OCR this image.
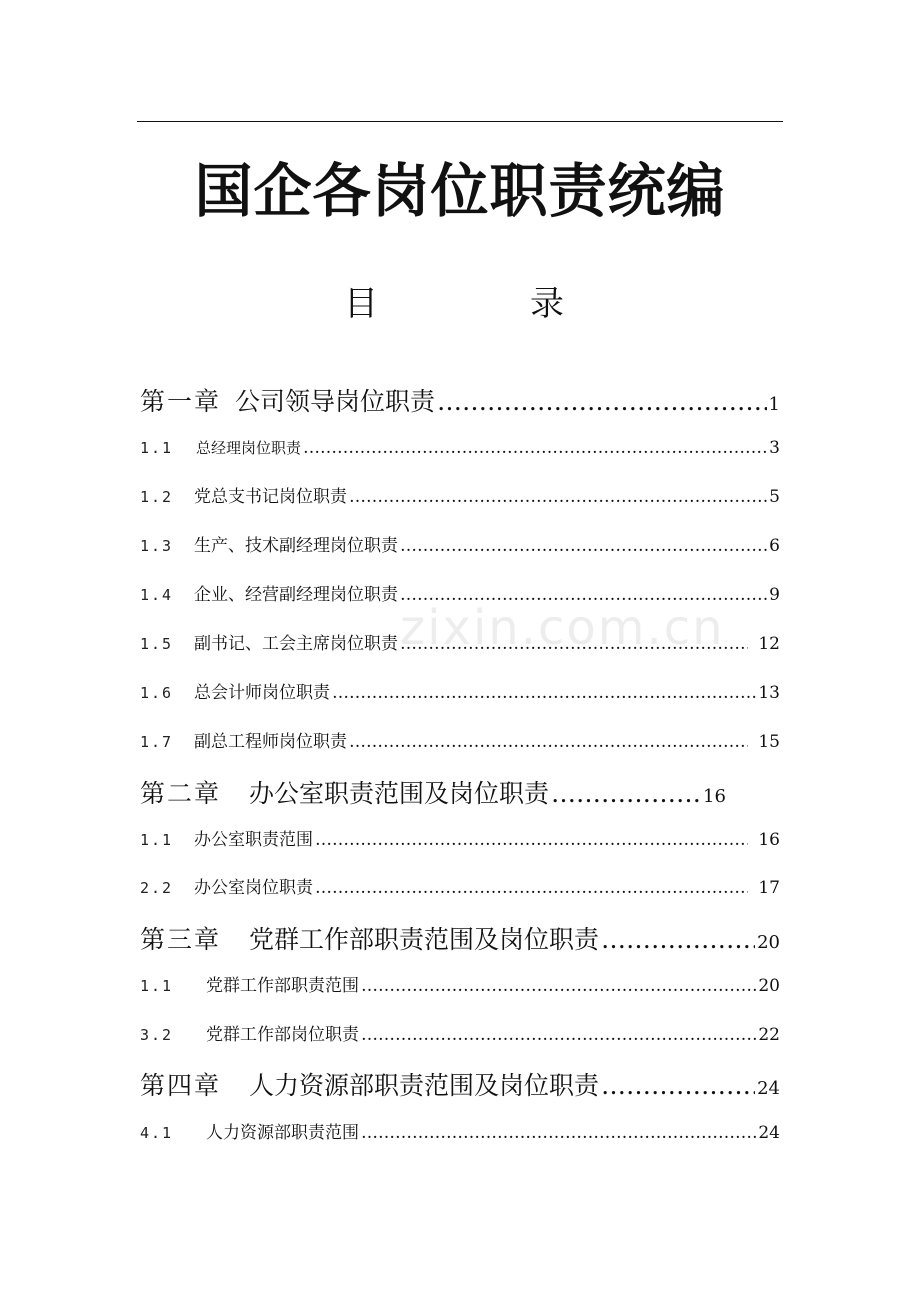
zixin.com.cn
国企各岗位职责统编
目	录
第一章 公司领导岗位职责 ……………………………………………………………………………………………………………………………………………………………	1
1.1	总经理岗位职责 ……………………………………………………………………………………………………………………………………………………………	3
1.2	党总支书记岗位职责 ……………………………………………………………………………………………………………………………………………………………	5
1.3	生产、技术副经理岗位职责 ……………………………………………………………………………………………………………………………………………………………	6
1.4	企业、经营副经理岗位职责 ……………………………………………………………………………………………………………………………………………………………	9
1.5	副书记、工会主席岗位职责 ……………………………………………………………………………………………………………………………………………………………	12
1.6	总会计师岗位职责 ……………………………………………………………………………………………………………………………………………………………	13
1.7	副总工程师岗位职责 ……………………………………………………………………………………………………………………………………………………………	15
第二章	办公室职责范围及岗位职责 ……………………………………………………………………………………………………………………………………………………………	16
1.1	办公室职责范围 ……………………………………………………………………………………………………………………………………………………………	16
2.2	办公室岗位职责 ……………………………………………………………………………………………………………………………………………………………	17
第三章	党群工作部职责范围及岗位职责 ……………………………………………………………………………………………………………………………………………………………	20
1.1	党群工作部职责范围 ……………………………………………………………………………………………………………………………………………………………	20
3.2	党群工作部岗位职责 ……………………………………………………………………………………………………………………………………………………………	22
第四章	人力资源部职责范围及岗位职责 ……………………………………………………………………………………………………………………………………………………………	24
4.1	人力资源部职责范围 ……………………………………………………………………………………………………………………………………………………………	24
